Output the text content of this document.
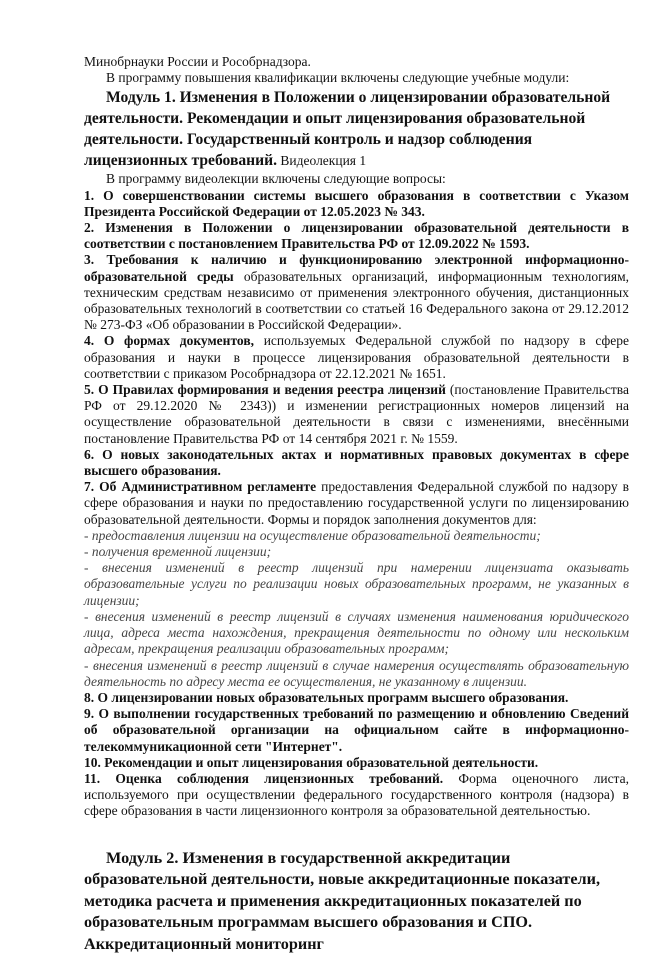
Минобрнауки России и Рособрнадзора.

В программу повышения квалификации включены следующие учебные модули:

Модуль 1. Изменения в Положении о лицензировании образовательной деятельности. Рекомендации и опыт лицензирования образовательной деятельности. Государственный контроль и надзор соблюдения лицензионных требований. Видеолекция 1

В программу видеолекции включены следующие вопросы:

1. О совершенствовании системы высшего образования в соответствии с Указом Президента Российской Федерации от 12.05.2023 № 343.

2. Изменения в Положении о лицензировании образовательной деятельности в соответствии с постановлением Правительства РФ от 12.09.2022 № 1593.

3. Требования к наличию и функционированию электронной информационно-образовательной среды образовательных организаций, информационным технологиям, техническим средствам независимо от применения электронного обучения, дистанционных образовательных технологий в соответствии со статьей 16 Федерального закона от 29.12.2012 № 273-ФЗ «Об образовании в Российской Федерации».

4. О формах документов, используемых Федеральной службой по надзору в сфере образования и науки в процессе лицензирования образовательной деятельности в соответствии с приказом Рособрнадзора от 22.12.2021 № 1651.

5. О Правилах формирования и ведения реестра лицензий (постановление Правительства РФ от 29.12.2020 № 2343)) и изменении регистрационных номеров лицензий на осуществление образовательной деятельности в связи с изменениями, внесёнными постановление Правительства РФ от 14 сентября 2021 г. № 1559.

6. О новых законодательных актах и нормативных правовых документах в сфере высшего образования.

7. Об Административном регламенте предоставления Федеральной службой по надзору в сфере образования и науки по предоставлению государственной услуги по лицензированию образовательной деятельности. Формы и порядок заполнения документов для:

- предоставления лицензии на осуществление образовательной деятельности;

- получения временной лицензии;

- внесения изменений в реестр лицензий при намерении лицензиата оказывать образовательные услуги по реализации новых образовательных программ, не указанных в лицензии;

- внесения изменений в реестр лицензий в случаях изменения наименования юридического лица, адреса места нахождения, прекращения деятельности по одному или нескольким адресам, прекращения реализации образовательных программ;

- внесения изменений в реестр лицензий в случае намерения осуществлять образовательную деятельность по адресу места ее осуществления, не указанному в лицензии.

8. О лицензировании новых образовательных программ высшего образования.

9. О выполнении государственных требований по размещению и обновлению Сведений об образовательной организации на официальном сайте в информационно-телекоммуникационной сети "Интернет".

10. Рекомендации и опыт лицензирования образовательной деятельности.

11. Оценка соблюдения лицензионных требований. Форма оценочного листа, используемого при осуществлении федерального государственного контроля (надзора) в сфере образования в части лицензионного контроля за образовательной деятельностью.

Модуль 2. Изменения в государственной аккредитации образовательной деятельности, новые аккредитационные показатели, методика расчета и применения аккредитационных показателей по образовательным программам высшего образования и СПО. Аккредитационный мониторинг
